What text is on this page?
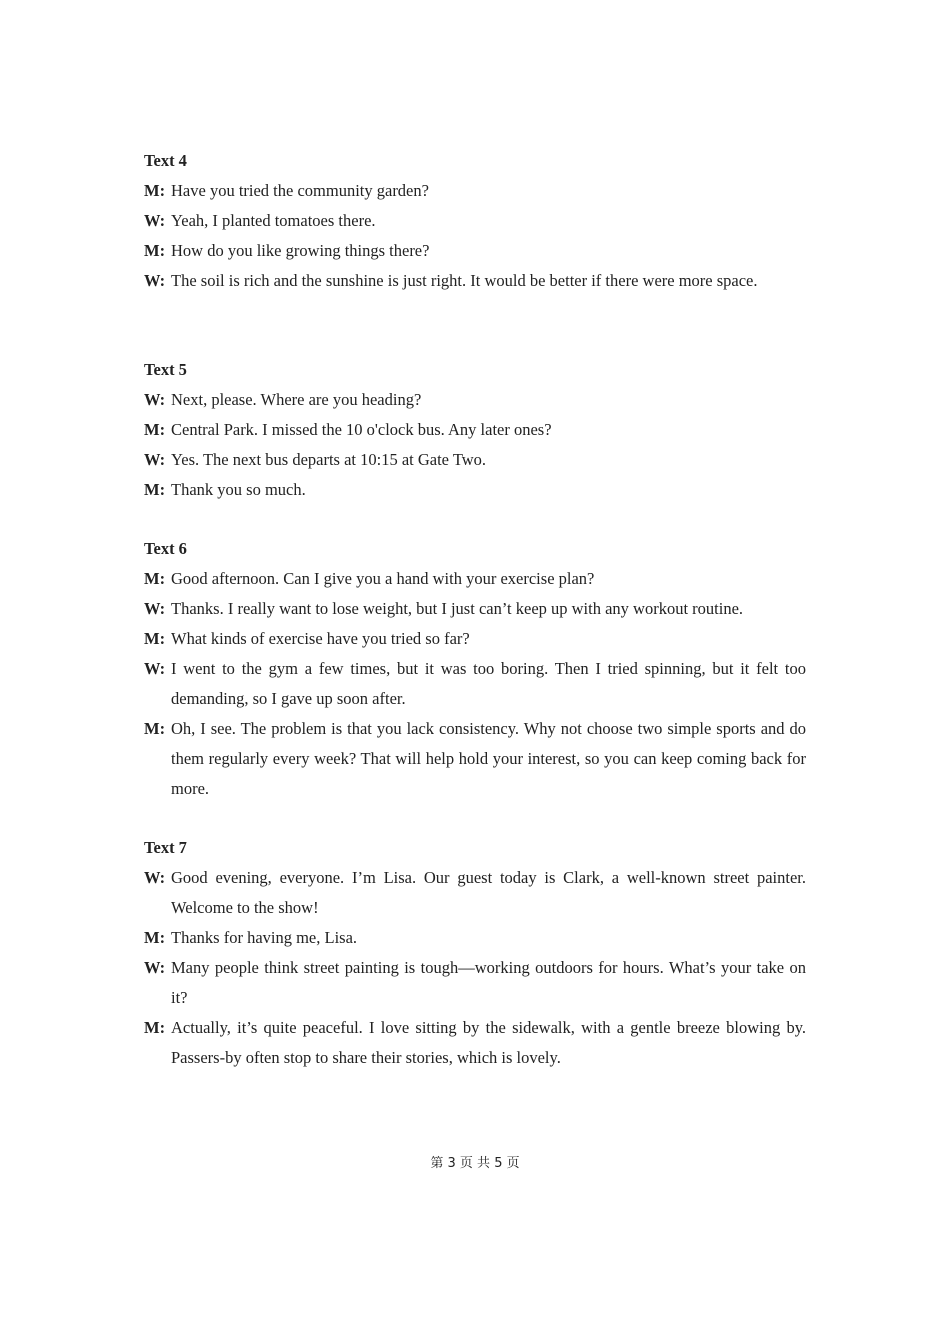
Text 4

M: Have you tried the community garden?

W: Yeah, I planted tomatoes there.

M: How do you like growing things there?

W: The soil is rich and the sunshine is just right. It would be better if there were more space.

Text 5

W: Next, please. Where are you heading?

M: Central Park. I missed the 10 o'clock bus. Any later ones?

W: Yes. The next bus departs at 10:15 at Gate Two.

M: Thank you so much.

Text 6

M: Good afternoon. Can I give you a hand with your exercise plan?

W: Thanks. I really want to lose weight, but I just can’t keep up with any workout routine.

M: What kinds of exercise have you tried so far?

W: I went to the gym a few times, but it was too boring. Then I tried spinning, but it felt too demanding, so I gave up soon after.

M: Oh, I see. The problem is that you lack consistency. Why not choose two simple sports and do them regularly every week? That will help hold your interest, so you can keep coming back for more.

Text 7

W: Good evening, everyone. I’m Lisa. Our guest today is Clark, a well-known street painter. Welcome to the show!

M: Thanks for having me, Lisa.

W: Many people think street painting is tough—working outdoors for hours. What’s your take on it?

M: Actually, it’s quite peaceful. I love sitting by the sidewalk, with a gentle breeze blowing by. Passers-by often stop to share their stories, which is lovely.

第 3 页 共 5 页
